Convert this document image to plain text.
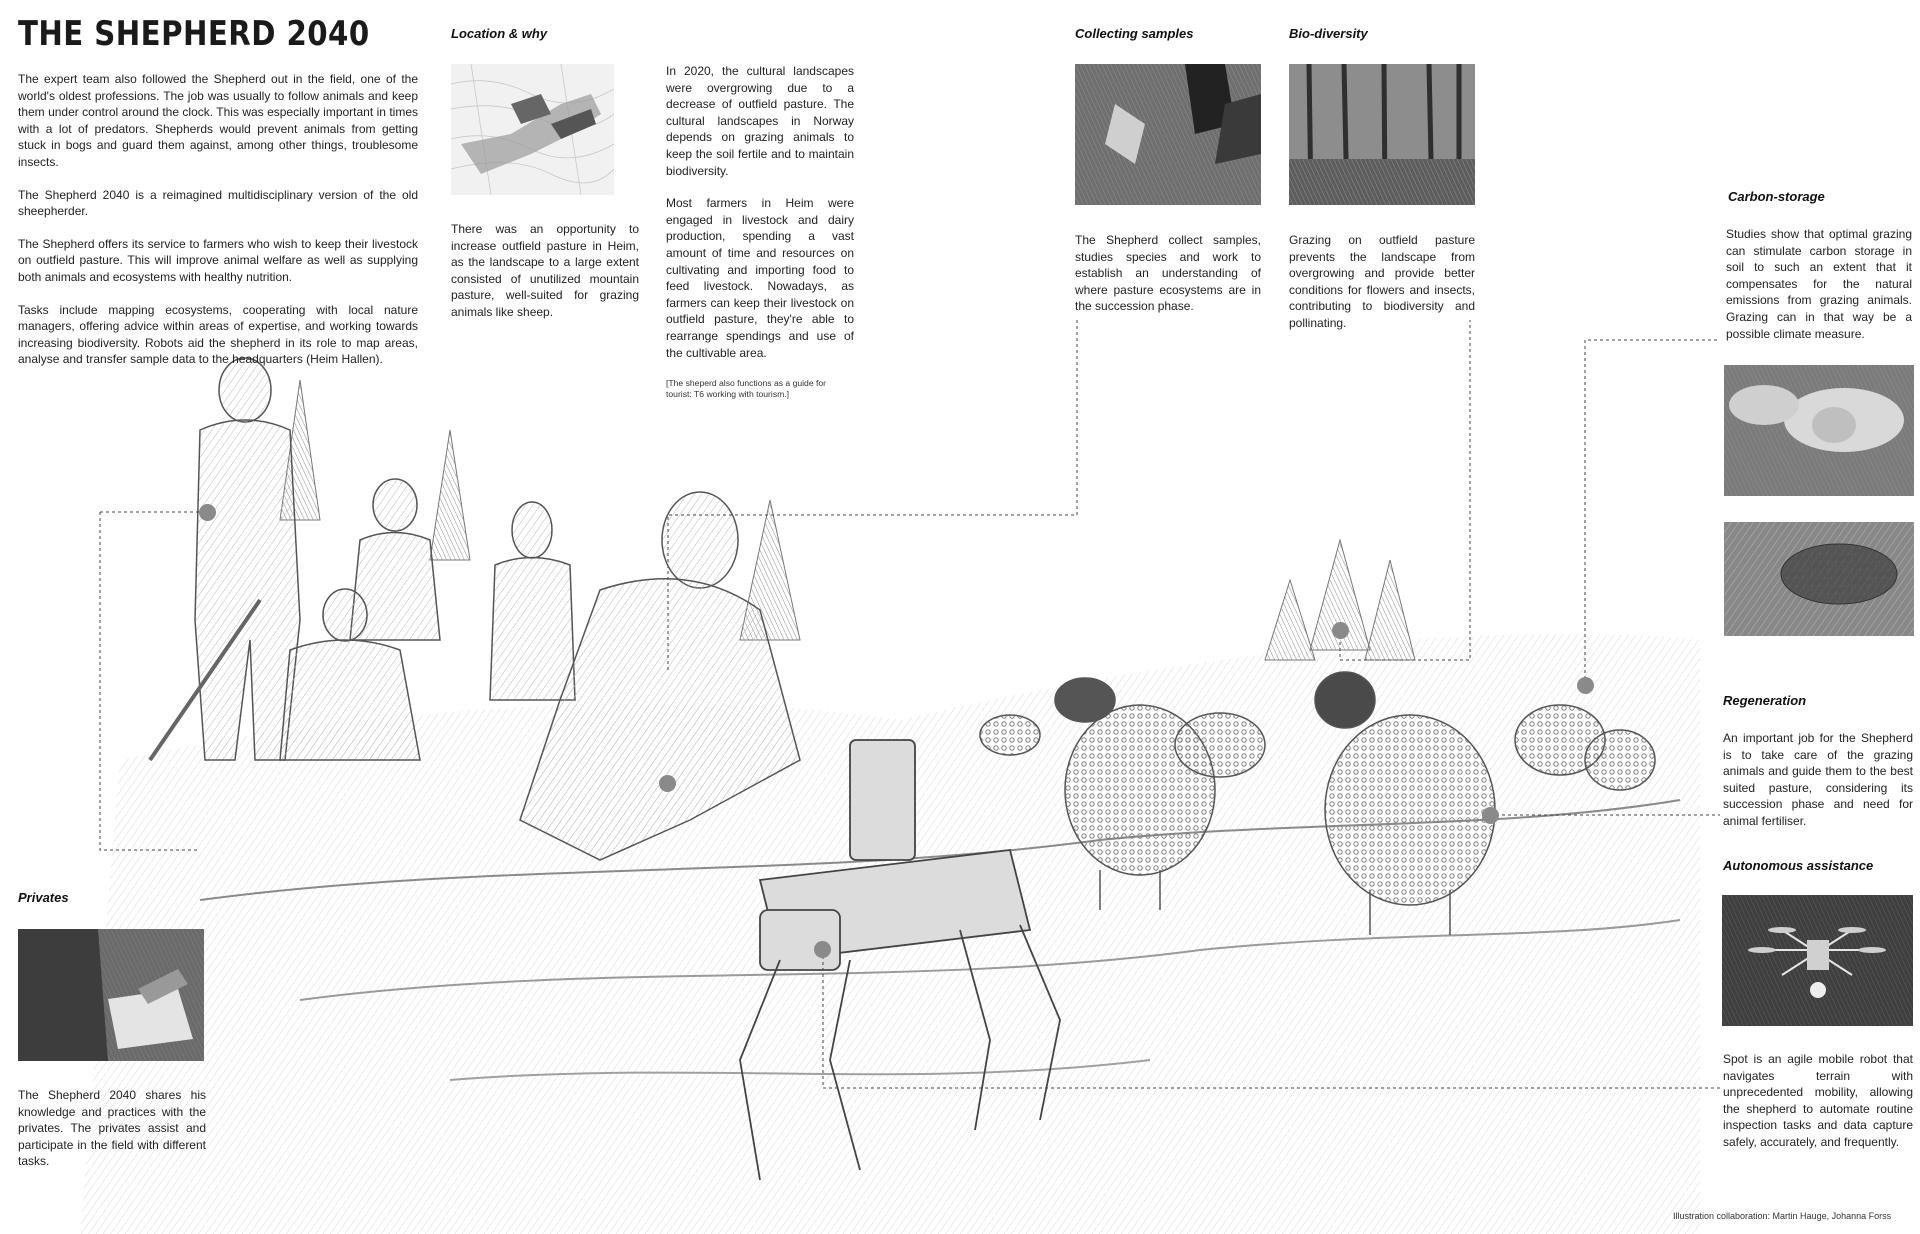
THE SHEPHERD 2040

The expert team also followed the Shepherd out in the field, one of the world's oldest professions. The job was usually to follow animals and keep them under control around the clock. This was especially important in times with a lot of predators. Shepherds would prevent animals from getting stuck in bogs and guard them against, among other things, troublesome insects.

The Shepherd 2040 is a reimagined multidisciplinary version of the old sheepherder.

The Shepherd offers its service to farmers who wish to keep their livestock on outfield pasture. This will improve animal welfare as well as supplying both animals and ecosystems with healthy nutrition.

Tasks include mapping ecosystems, cooperating with local nature managers, offering advice within areas of expertise, and working towards increasing biodiversity. Robots aid the shepherd in its role to map areas, analyse and transfer sample data to the headquarters (Heim Hallen).

Location & why
There was an opportunity to increase outfield pasture in Heim, as the landscape to a large extent consisted of unutilized mountain pasture, well-suited for grazing animals like sheep.

In 2020, the cultural landscapes were overgrowing due to a decrease of outfield pasture. The cultural landscapes in Norway depends on grazing animals to keep the soil fertile and to maintain biodiversity.

Most farmers in Heim were engaged in livestock and dairy production, spending a vast amount of time and resources on cultivating and importing food to feed livestock. Nowadays, as farmers can keep their livestock on outfield pasture, they're able to rearrange spendings and use of the cultivable area.

[The sheperd also functions as a guide for tourist: T6 working with tourism.]
Collecting samples
The Shepherd collect samples, studies species and work to establish an understanding of where pasture ecosystems are in the succession phase.
Bio-diversity
Grazing on outfield pasture prevents the landscape from overgrowing and provide better conditions for flowers and insects, contributing to biodiversity and pollinating.
Carbon-storage
Studies show that optimal grazing can stimulate carbon storage in soil to such an extent that it compensates for the natural emissions from grazing animals. Grazing can in that way be a possible climate measure.
Regeneration
An important job for the Shepherd is to take care of the grazing animals and guide them to the best suited pasture, considering its succession phase and need for animal fertiliser.
Autonomous assistance
Spot is an agile mobile robot that navigates terrain with unprecedented mobility, allowing the shepherd to automate routine inspection tasks and data capture safely, accurately, and frequently.
Privates
The Shepherd 2040 shares his knowledge and practices with the privates. The privates assist and participate in the field with different tasks.
Illustration collaboration: Martin Hauge, Johanna Forss
